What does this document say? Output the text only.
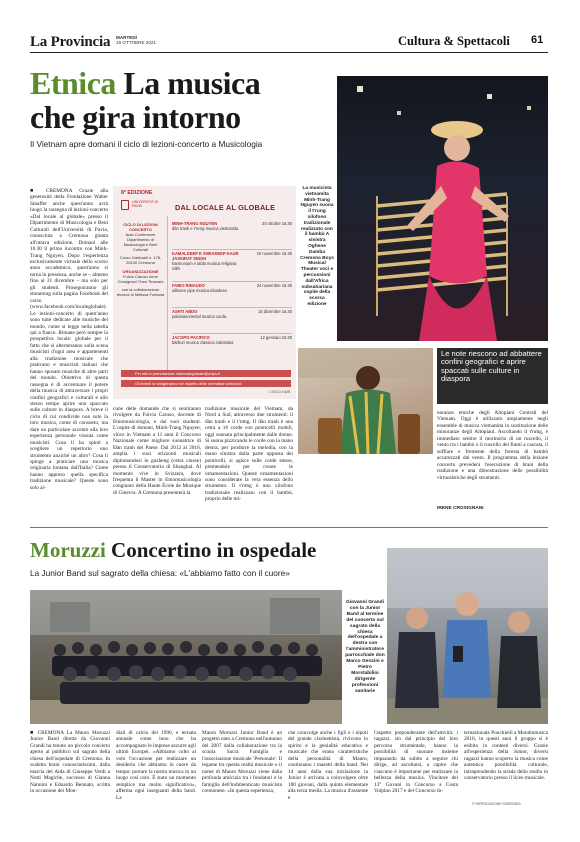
La Provincia MARTEDÌ
19 OTTOBRE 2021	Cultura & Spettacoli 61
Etnica La musica
che gira intorno
Il Vietnam apre domani il ciclo di lezioni-concerto a Musicologia
■ CREMONA Grazie alla generosità della Fondazione Walter Stauffer anche quest'anno avrà luogo la rassegna di lezioni-concerto «Dal locale al globale» presso il Dipartimento di Musicologia e Beni Culturali dell'Università di Pavia, conosciuta a Cremona giunta all'ottava edizione. Domani alle 16.30 il primo incontro con Minh-Trang Nguyen. Dopo l'esperienza esclusivamente virtuale dello scorso anno accademico, quest'anno si torna in presenza, anche se – almeno fino al 31 dicembre – ma solo per gli studenti. Proseguiranno gli streaming sulla pagina Facebook del corso (www.facebook.com/localeglobale). Le lezioni-concerto di quest'anno sono tutte dedicate alle musiche del mondo, come si legge nella tabella qui a fianco. Rimane però sempre la prospettiva locale: globale per il fatto che si alterneranno sulla scena musicisti d'ogni area e appartenenti alla tradizione musicale che praticano e musicisti italiani che hanno sposato musiche di altre parti del mondo. Obiettivo di questa rassegna è di accentuare il potere della musica di attraversare i propri confini geografici e culturali e allo stesso tempo aprire uno spaccato sulle culture in diaspora. A breve il ciclo di cui condivide non solo la loro musica, come di consueto, ma dare un particolare accento alla loro esperienza personale vissuta come musicisti. Cosa li ha spinti a scegliere un repertorio uno strumento anziché un altro? Cosa li spinge a praticare una musica originaria lontana dall'Italia? Come hanno appreso quella specifica tradizione musicale? Queste sono solo al-
8ª EDIZIONE
UNIVERSITÀ DI PAVIA	DAL LOCALE AL GLOBALE
CICLO DI LEZIONI CONCERTO
Aula Conferenze Dipartimento di Musicologia e Beni Culturali
Corso Garibaldi n. 178, 26100 Cremona
ORGANIZZAZIONE
Fulvia Caruso Irene Crosignani Thea Tiramani
con la collaborazione tecnica di Melissa Fontana
MINH-TRANG NGUYEN
đàn tranh e t'rưng musica vietnamita
20 ottobre 16.30
KAMALDEEP E SHRADEEP KAUR JASKIRAT SINGH
harmonium e tabla musica religiosa Sikh
10 novembre 16.30
FABIO RINAUDO
uilleann pipe musica irlandese
24 novembre 16.30
ASHTI ABDO
pakistanoriental musica curda
15 dicembre 16.30
JACOPO PACIFICO
bàrburi musica classica indostana
12 gennaio 16.30
Per info e prenotazioni: dalloealeglobale@unipv.it
Gli eventi si svolgeranno nel rispetto delle normative anticovid
L'EGO-HUB
La musicista vietnamita Minh-Trang Nguyen suona il t'rung xilofono tradizionale realizzato con il bambù A sinistra Oghene Damba Cremona Boys Musical Theater voci e percussioni dall'Africa subsahariana ospite della scorsa edizione
cune delle domande che si sentiranno rivolgere da Fulvia Caruso, docente di Etnomusicologia, e dai suoi studenti. L'ospite di domani, Minh-Trang Nguyen, vince in Vietnam a 11 anni il Concorso Nazionale come migliore suonatrice di Đàn tranh del Paese. Dal 2012 al 2016, amplia i suoi orizzonti musicali diplomandosi in guzheng (cetra cinese) presso il Conservatorio di Shanghai. Al momento vive in Svizzera, dove frequenta il Master in Etnomusicologia congiunto della Haute École de Musique di Ginevra. A Cremona presenterà la
tradizione musicale del Vietnam, da Nord a Sud, attraverso due strumenti: il đàn tranh e il t'rưng. Il đàn tranh è una cetra a 16 corde con ponticelli mobili, oggi suonata principalmente dalle donne. Si suona pizzicando le corde con la mano destra, per produrre la melodia, con la mano sinistra dalla parte opposta dei ponticelli, si agisce sulle corde stesse, premendole per creare le ornamentazioni. Queste ornamentazioni sono considerate la vera essenza dello strumento. Il t'rưng è uno xilofono tradizionale realizzato con il bambù, proprio delle mi-
Le note riescono ad abbattere confini geografici e aprire spaccati sulle culture in diaspora
noranze etniche degli Altopiani Centrali del Vietnam. Oggi è utilizzato ampiamente negli ensemble di musica vietnamita in sostituzione delle minoranze degli Altopiani. Ascoltando il t'rưng, è immediato sentire il mormorio di un ruscello, il vento tra i bambù o il ruscello dei fiumi a cascata, il soffiare e fremente della foresta di bambù accarezzati dal vento. Il programma della lezione concerto prevederà l'esecuzione di brani della tradizione e una dimostrazione delle possibilità virtuosistiche degli strumenti.
IRENE CROSIGNANI
Moruzzi Concertino in ospedale
La Junior Band sul sagrato della chiesa: «L'abbiamo fatto con il cuore»
Giovanni Grandi con la Junior Band al termine del concerto sul sagrato della chiesa dell'ospedale a destra con l'amministratore parrocchiale don Marco Genzini e Pietro Morstabilini dirigente professioni sanitarie
■ CREMONA La Mauro Moruzzi Junior Band diretta da Giovanni Grandi ha tenuto un piccolo concerto aperto al pubblico sul sagrato della chiesa dell'ospedale di Cremona. In scaletta brani conosciutissimi, dalla marcia del Aida di Giuseppe Verdi a Notti Magiche, successo di Gianna Nannini e Edoardo Bennato, scritta in occasione dei Mon-
diali di calcio del 1990, e ternata annuale come inno che ha accompagnato le imprese azzurre agli ultimi Europei. «Abbiamo colto al volo l'occasione per realizzare un desiderio che abbiamo in cuore da tempo: portare la nostra musica in un luogo così caro. È stato un momento semplice ma molto significativo», afferma ogni inseguanti della band. La
Mauro Moruzzi Junior Band è un progetto nato a Cremona nell'autunno del 2007 dalla collaborazione tra la scuola Sacra Famiglia e l'associazione musicale 'Personale'. Il legame tra questa realtà musicale e il nome di Mauro Moruzzi viene dalla profonda amicizia tra i fondatori e la famiglia dell'indimenticato musicista cremonese. «In questa esperienza,
che coinvolge anche i figli e i nipoti del grande clarinettista, rivivono lo spirito e la genialità educativa e musicale che erano caratteristiche della personalità di Mauro, continuano i maestri della band. Nei 14 anni dalla sua iniziazione la Junior è arrivata a coinvolgere oltre 180 giovani, dalla quinta elementare alla terza media. La musica d'assieme è
l'aspetto preponderante dell'attività: i ragazzi, sin dal principio del loro percorso strumentale, hanno la possibilità di suonare insieme imparando da subito a seguire chi dirige, ad ascoltarsi, a capire che ciascuno è importante per realizzare la bellezza della musica. Vincitore del 13° Govani in Concorso a Costa Volpino 2017 e del Concorso In-
ternazionale Ponchielli a Mondomusica 2016, in questi anni il gruppo si è esibito in contesti diversi. Grazie all'esperienza della Junior, diversi ragazzi hanno scoperto la musica come autentica possibilità culturale, intraprendendo la strada dello studio in conservatorio presso il liceo musicale.
© RIPRODUZIONE RISERVATA
